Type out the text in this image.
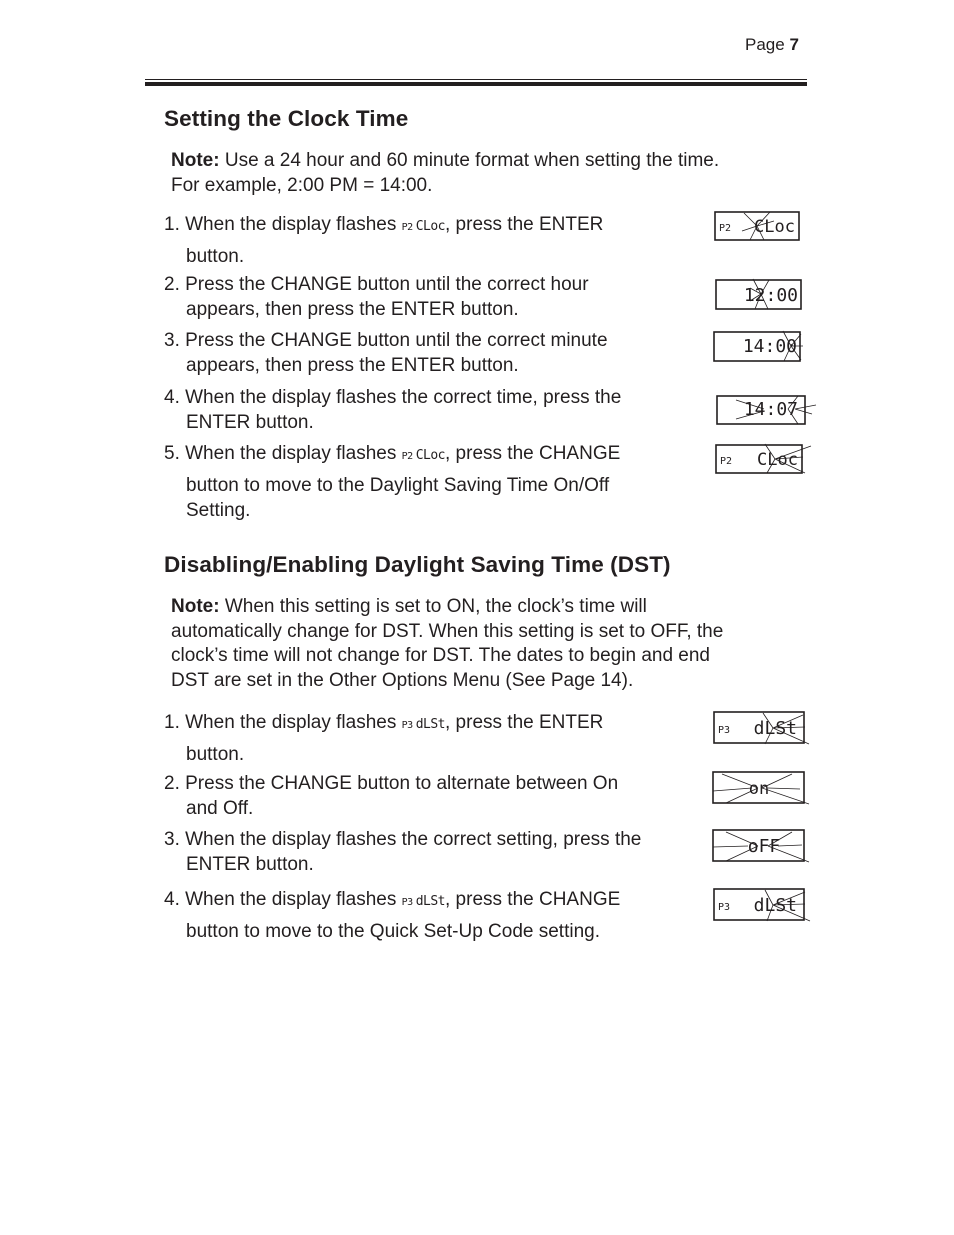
Page 7
Setting the Clock Time

Note: Use a 24 hour and 60 minute format when setting the time.
For example, 2:00 PM = 14:00.

1. When the display flashes P2 CLoc, press the ENTER
button.

2. Press the CHANGE button until the correct hour
appears, then press the ENTER button.

3. Press the CHANGE button until the correct minute
appears, then press the ENTER button.

4. When the display flashes the correct time, press the
ENTER button.

5. When the display flashes P2 CLoc, press the CHANGE
button to move to the Daylight Saving Time On/Off
Setting.

P2 CLoc
12:00
14:00
14:07
P2 CLoc
Disabling/Enabling Daylight Saving Time (DST)

Note: When this setting is set to ON, the clock’s time will
automatically change for DST. When this setting is set to OFF, the
clock’s time will not change for DST. The dates to begin and end
DST are set in the Other Options Menu (See Page 14).

1. When the display flashes P3 dLSt, press the ENTER
button.

2. Press the CHANGE button to alternate between On
and Off.

3. When the display flashes the correct setting, press the
ENTER button.

4. When the display flashes P3 dLSt, press the CHANGE
button to move to the Quick Set-Up Code setting.

P3 dLSt
on
oFF
P3 dLSt
